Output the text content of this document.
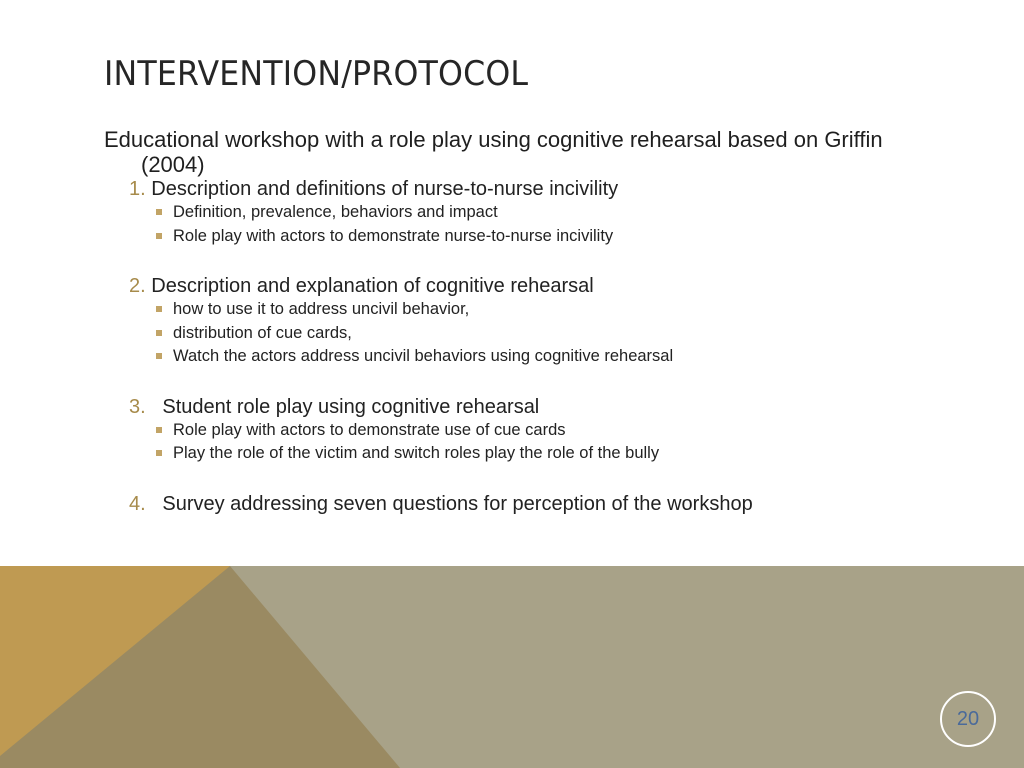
INTERVENTION/PROTOCOL
Educational workshop with a role play using cognitive rehearsal based on Griffin (2004)
1. Description and definitions of nurse-to-nurse incivility
Definition, prevalence, behaviors and impact
Role play with actors to demonstrate nurse-to-nurse incivility
2. Description and explanation of cognitive rehearsal
how to use it to address uncivil behavior,
distribution of cue cards,
Watch the actors address uncivil behaviors using cognitive rehearsal
3. Student role play using cognitive rehearsal
Role play with actors to demonstrate use of cue cards
Play the role of the victim and switch roles play the role of the bully
4. Survey addressing seven questions for perception of the workshop
20
